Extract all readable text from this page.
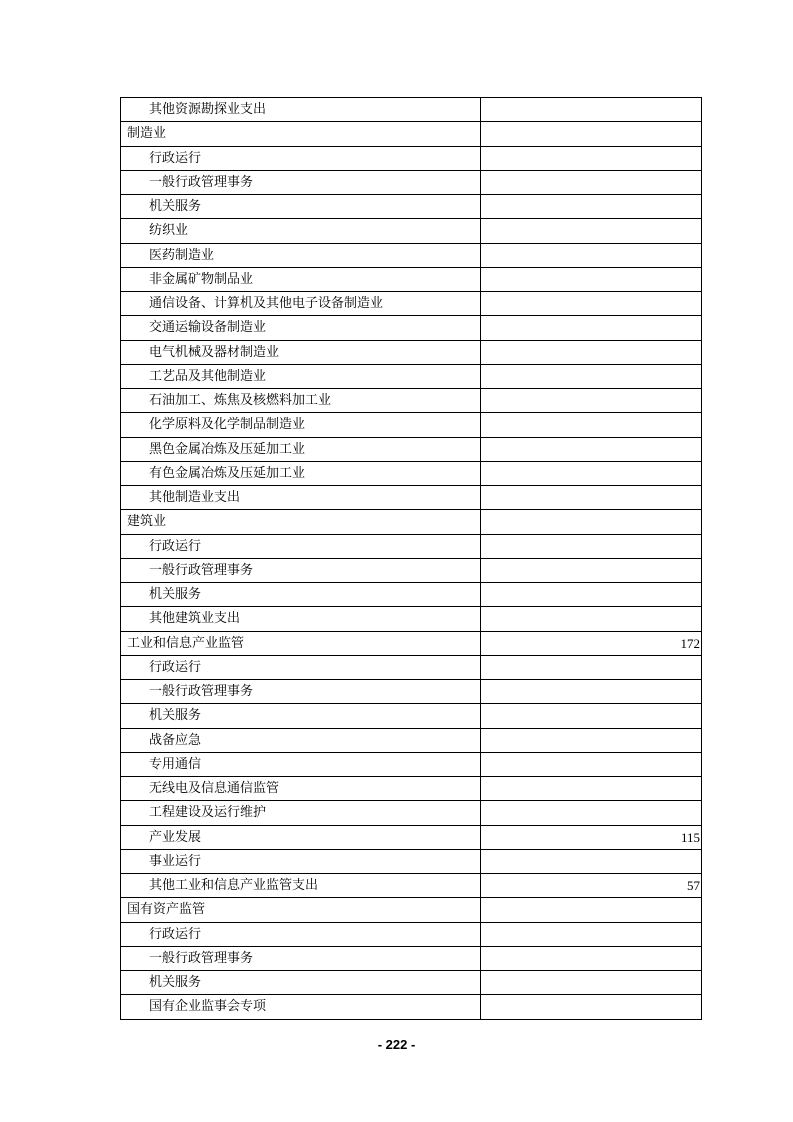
其他资源勘探业支出	
制造业	
行政运行	
一般行政管理事务	
机关服务	
纺织业	
医药制造业	
非金属矿物制品业	
通信设备、计算机及其他电子设备制造业	
交通运输设备制造业	
电气机械及器材制造业	
工艺品及其他制造业	
石油加工、炼焦及核燃料加工业	
化学原料及化学制品制造业	
黑色金属冶炼及压延加工业	
有色金属冶炼及压延加工业	
其他制造业支出	
建筑业	
行政运行	
一般行政管理事务	
机关服务	
其他建筑业支出	
工业和信息产业监管	172
行政运行	
一般行政管理事务	
机关服务	
战备应急	
专用通信	
无线电及信息通信监管	
工程建设及运行维护	
产业发展	115
事业运行	
其他工业和信息产业监管支出	57
国有资产监管	
行政运行	
一般行政管理事务	
机关服务	
国有企业监事会专项	
- 222 -
